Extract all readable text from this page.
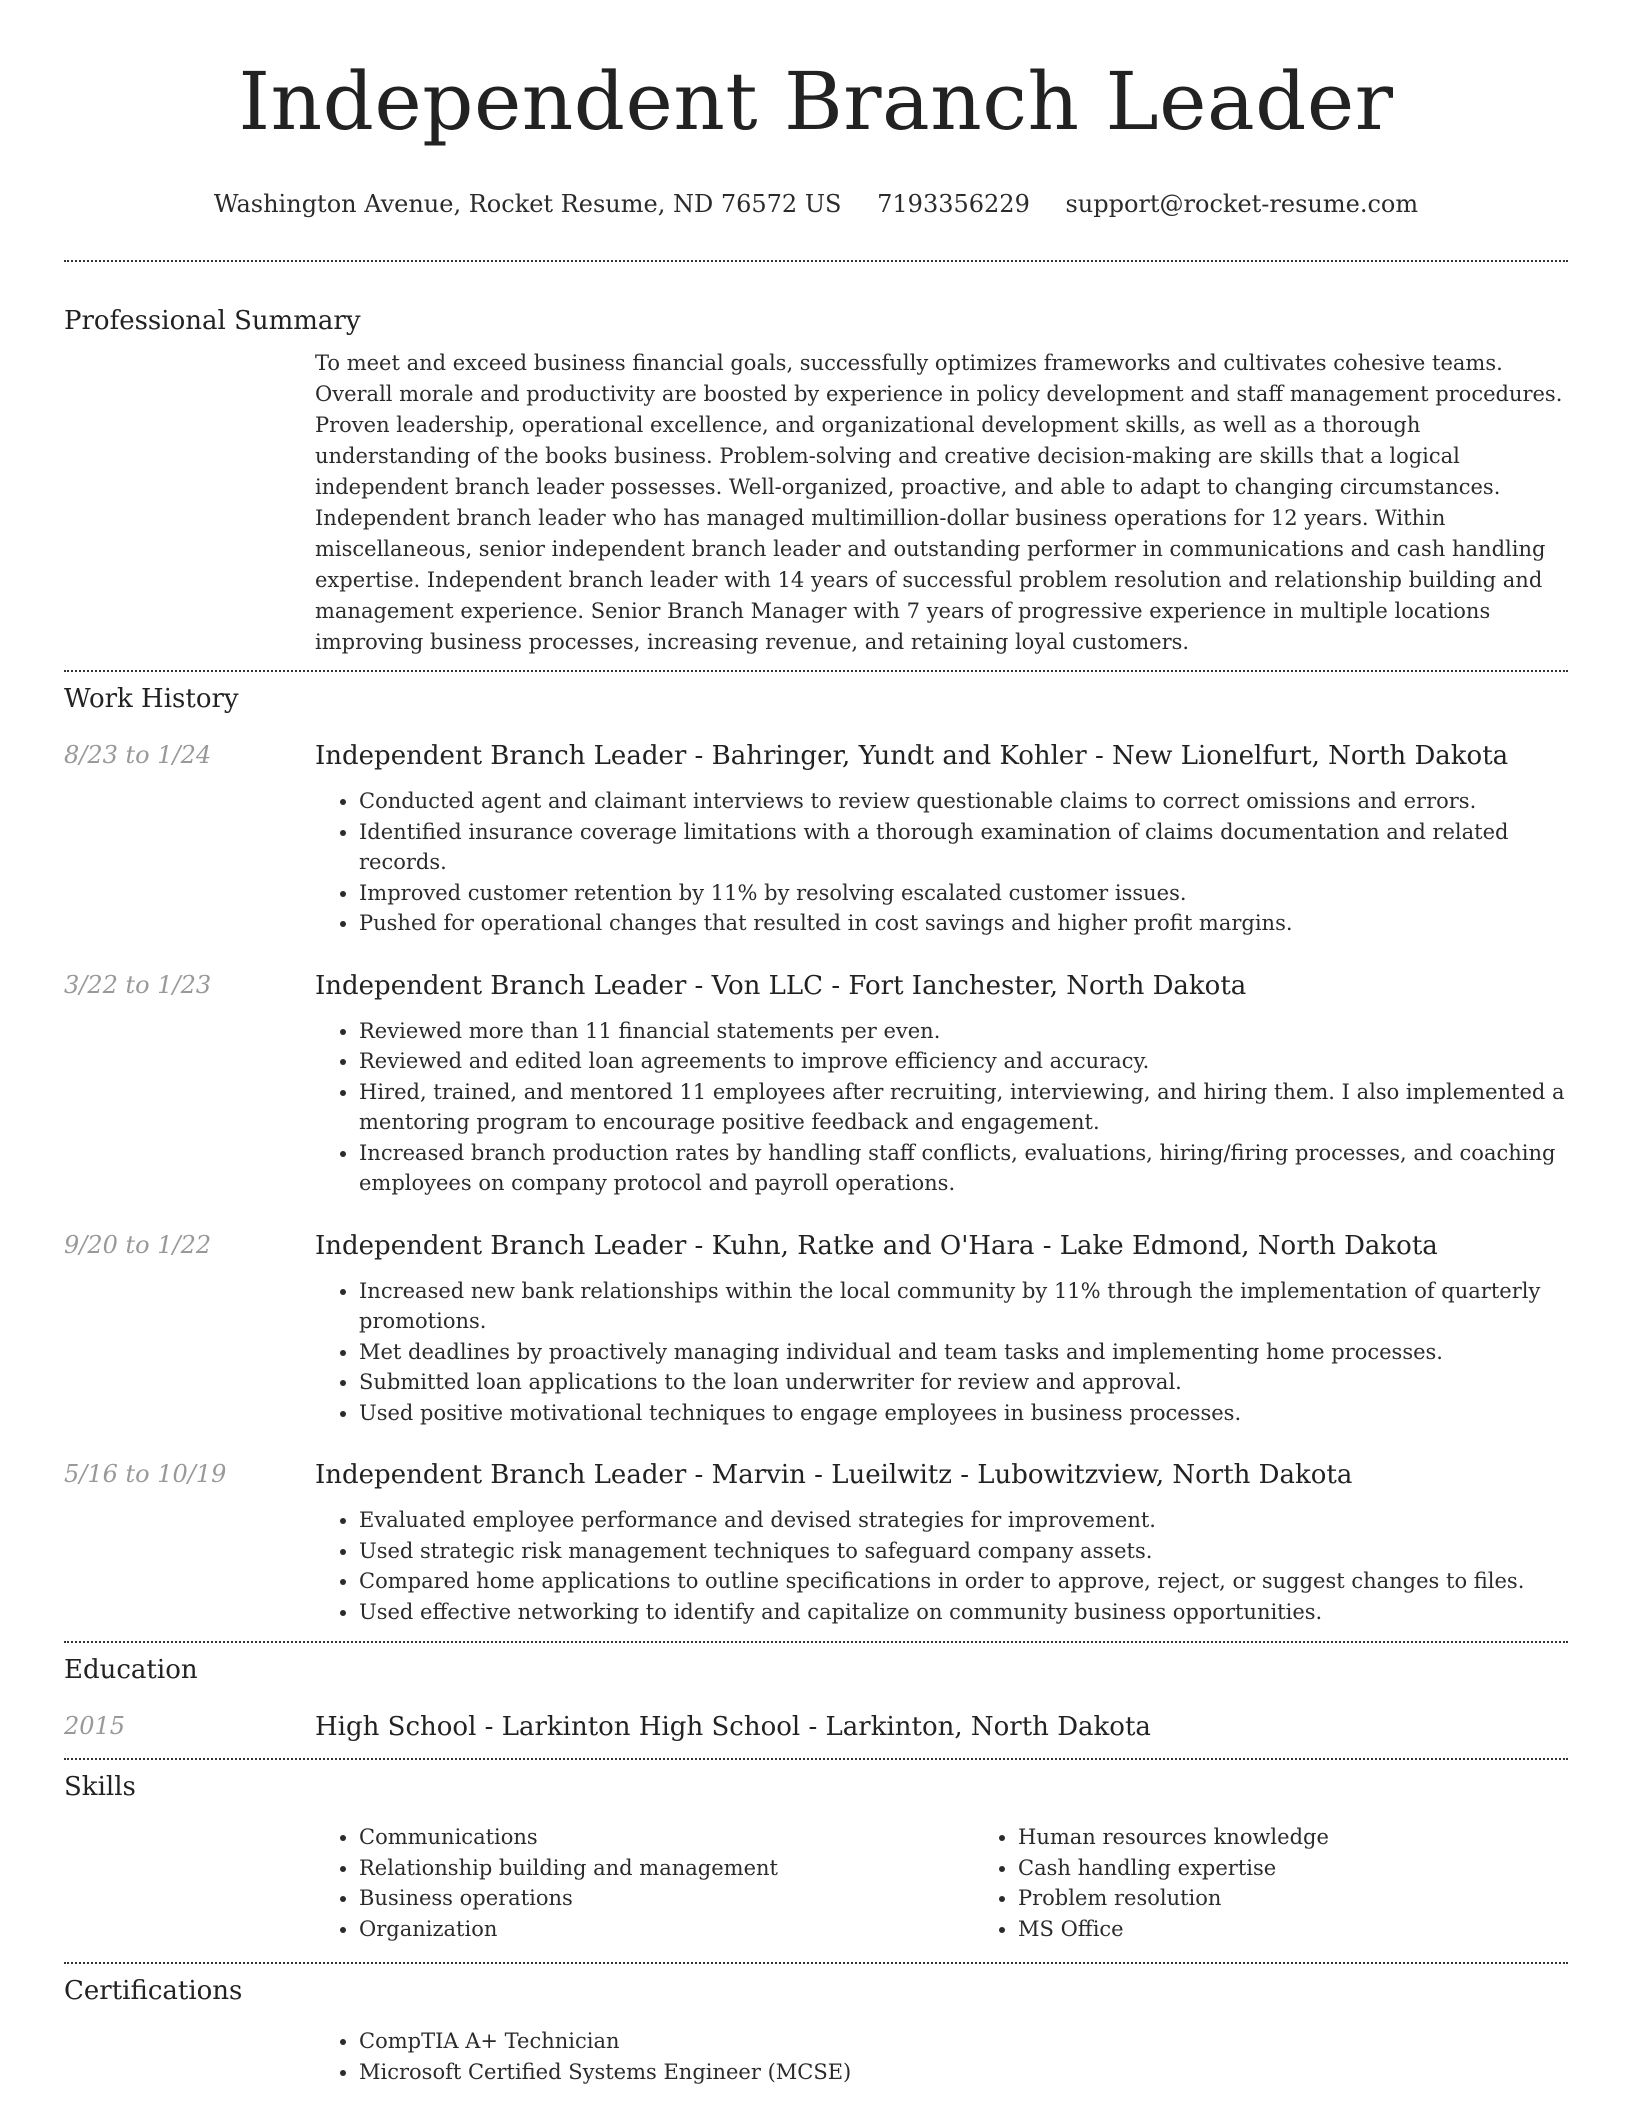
Independent Branch Leader
Washington Avenue, Rocket Resume, ND 76572 US 7193356229 support@rocket-resume.com
Professional Summary

To meet and exceed business financial goals, successfully optimizes frameworks and cultivates cohesive teams. Overall morale and productivity are boosted by experience in policy development and staff management procedures. Proven leadership, operational excellence, and organizational development skills, as well as a thorough understanding of the books business. Problem-solving and creative decision-making are skills that a logical independent branch leader possesses. Well-organized, proactive, and able to adapt to changing circumstances. Independent branch leader who has managed multimillion-dollar business operations for 12 years. Within miscellaneous, senior independent branch leader and outstanding performer in communications and cash handling expertise. Independent branch leader with 14 years of successful problem resolution and relationship building and management experience. Senior Branch Manager with 7 years of progressive experience in multiple locations improving business processes, increasing revenue, and retaining loyal customers.

Work History
8/23 to 1/24	Independent Branch Leader - Bahringer, Yundt and Kohler - New Lionelfurt, North Dakota
• Conducted agent and claimant interviews to review questionable claims to correct omissions and errors.
• Identified insurance coverage limitations with a thorough examination of claims documentation and related records.
• Improved customer retention by 11% by resolving escalated customer issues.
• Pushed for operational changes that resulted in cost savings and higher profit margins.
3/22 to 1/23	Independent Branch Leader - Von LLC - Fort Ianchester, North Dakota
• Reviewed more than 11 financial statements per even.
• Reviewed and edited loan agreements to improve efficiency and accuracy.
• Hired, trained, and mentored 11 employees after recruiting, interviewing, and hiring them. I also implemented a mentoring program to encourage positive feedback and engagement.
• Increased branch production rates by handling staff conflicts, evaluations, hiring/firing processes, and coaching employees on company protocol and payroll operations.
9/20 to 1/22	Independent Branch Leader - Kuhn, Ratke and O'Hara - Lake Edmond, North Dakota
• Increased new bank relationships within the local community by 11% through the implementation of quarterly promotions.
• Met deadlines by proactively managing individual and team tasks and implementing home processes.
• Submitted loan applications to the loan underwriter for review and approval.
• Used positive motivational techniques to engage employees in business processes.
5/16 to 10/19	Independent Branch Leader - Marvin - Lueilwitz - Lubowitzview, North Dakota
• Evaluated employee performance and devised strategies for improvement.
• Used strategic risk management techniques to safeguard company assets.
• Compared home applications to outline specifications in order to approve, reject, or suggest changes to files.
• Used effective networking to identify and capitalize on community business opportunities.
Education
2015	High School - Larkinton High School - Larkinton, North Dakota
Skills
• Communications
• Relationship building and management
• Business operations
• Organization
• Human resources knowledge
• Cash handling expertise
• Problem resolution
• MS Office
Certifications
• CompTIA A+ Technician
• Microsoft Certified Systems Engineer (MCSE)
